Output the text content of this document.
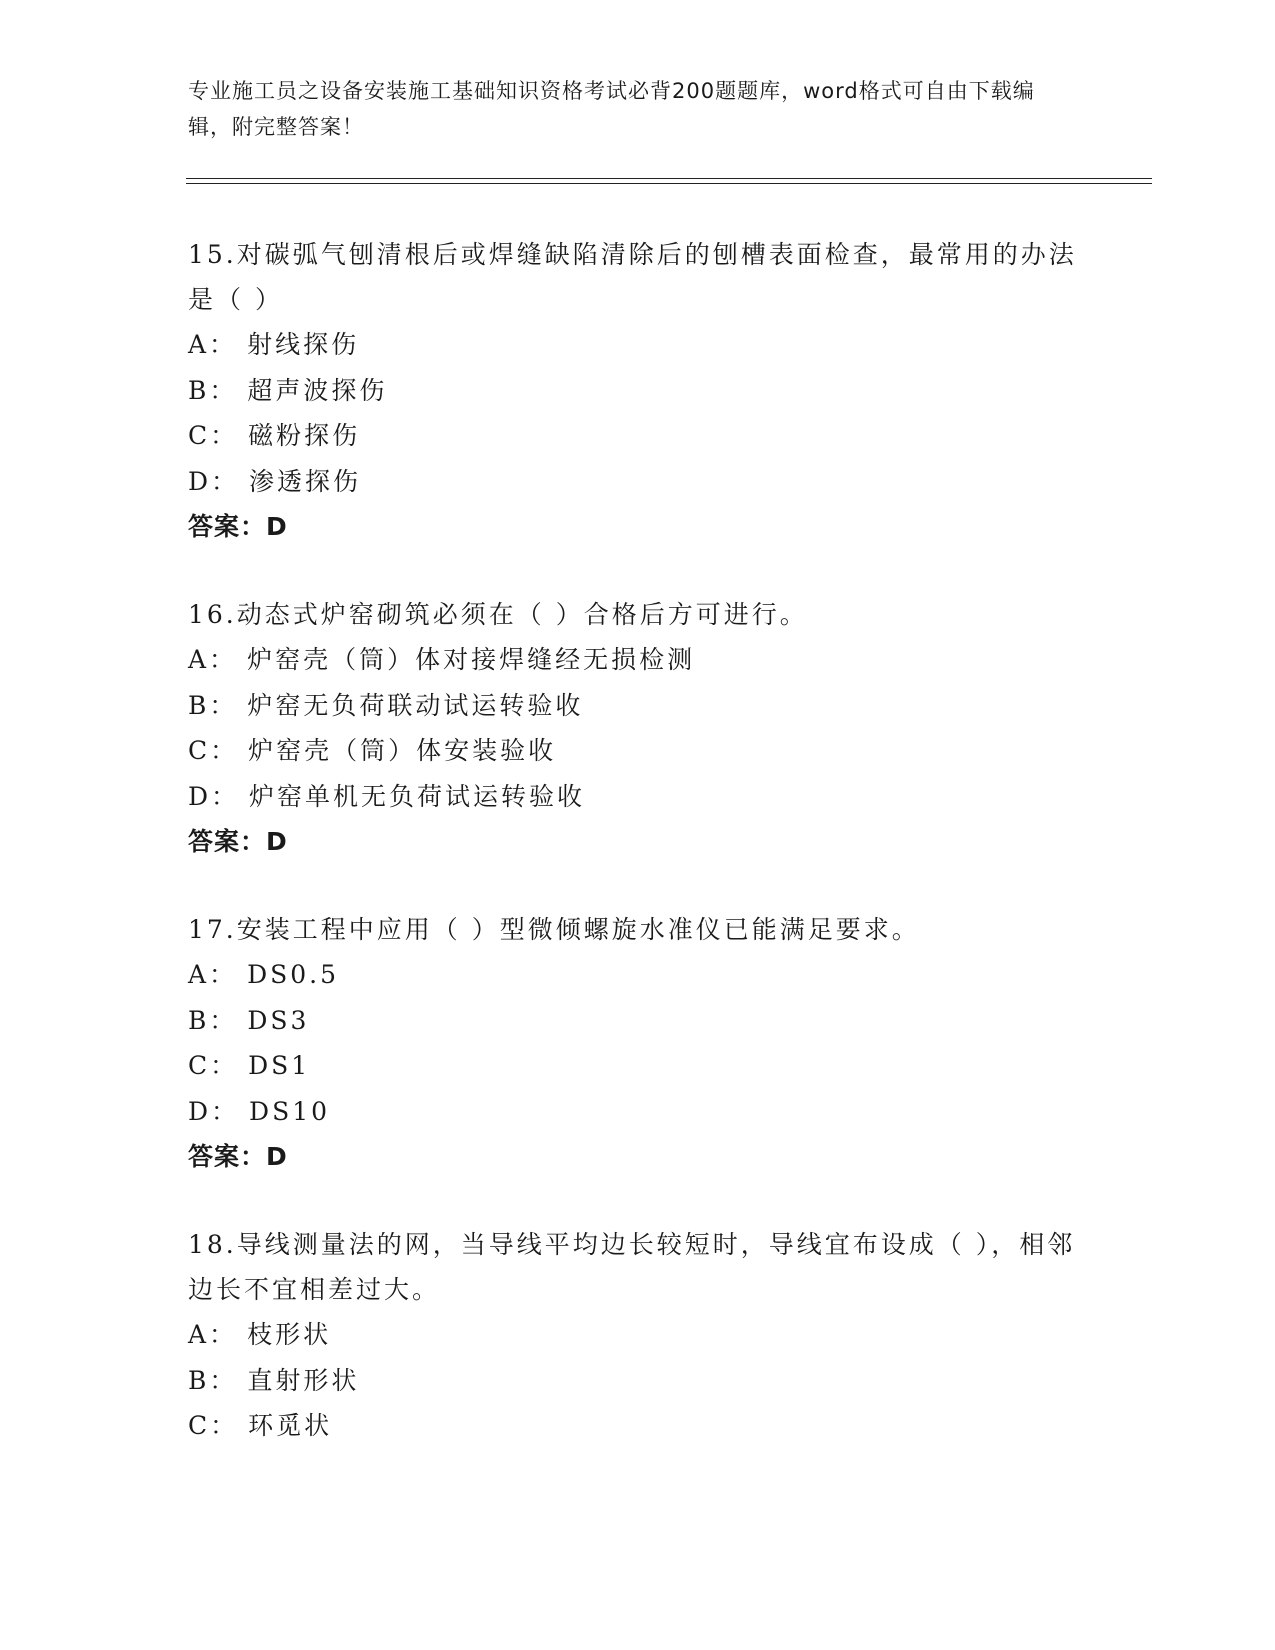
专业施工员之设备安装施工基础知识资格考试必背200题题库，word格式可自由下载编辑，附完整答案！
15.对碳弧气刨清根后或焊缝缺陷清除后的刨槽表面检查，最常用的办法是（ ）
A： 射线探伤
B： 超声波探伤
C： 磁粉探伤
D： 渗透探伤
答案：D
16.动态式炉窑砌筑必须在（ ）合格后方可进行。
A： 炉窑壳（筒）体对接焊缝经无损检测
B： 炉窑无负荷联动试运转验收
C： 炉窑壳（筒）体安装验收
D： 炉窑单机无负荷试运转验收
答案：D
17.安装工程中应用（ ）型微倾螺旋水准仪已能满足要求。
A： DS0.5
B： DS3
C： DS1
D： DS10
答案：D
18.导线测量法的网，当导线平均边长较短时，导线宜布设成（ ），相邻边长不宜相差过大。
A： 枝形状
B： 直射形状
C： 环觅状
